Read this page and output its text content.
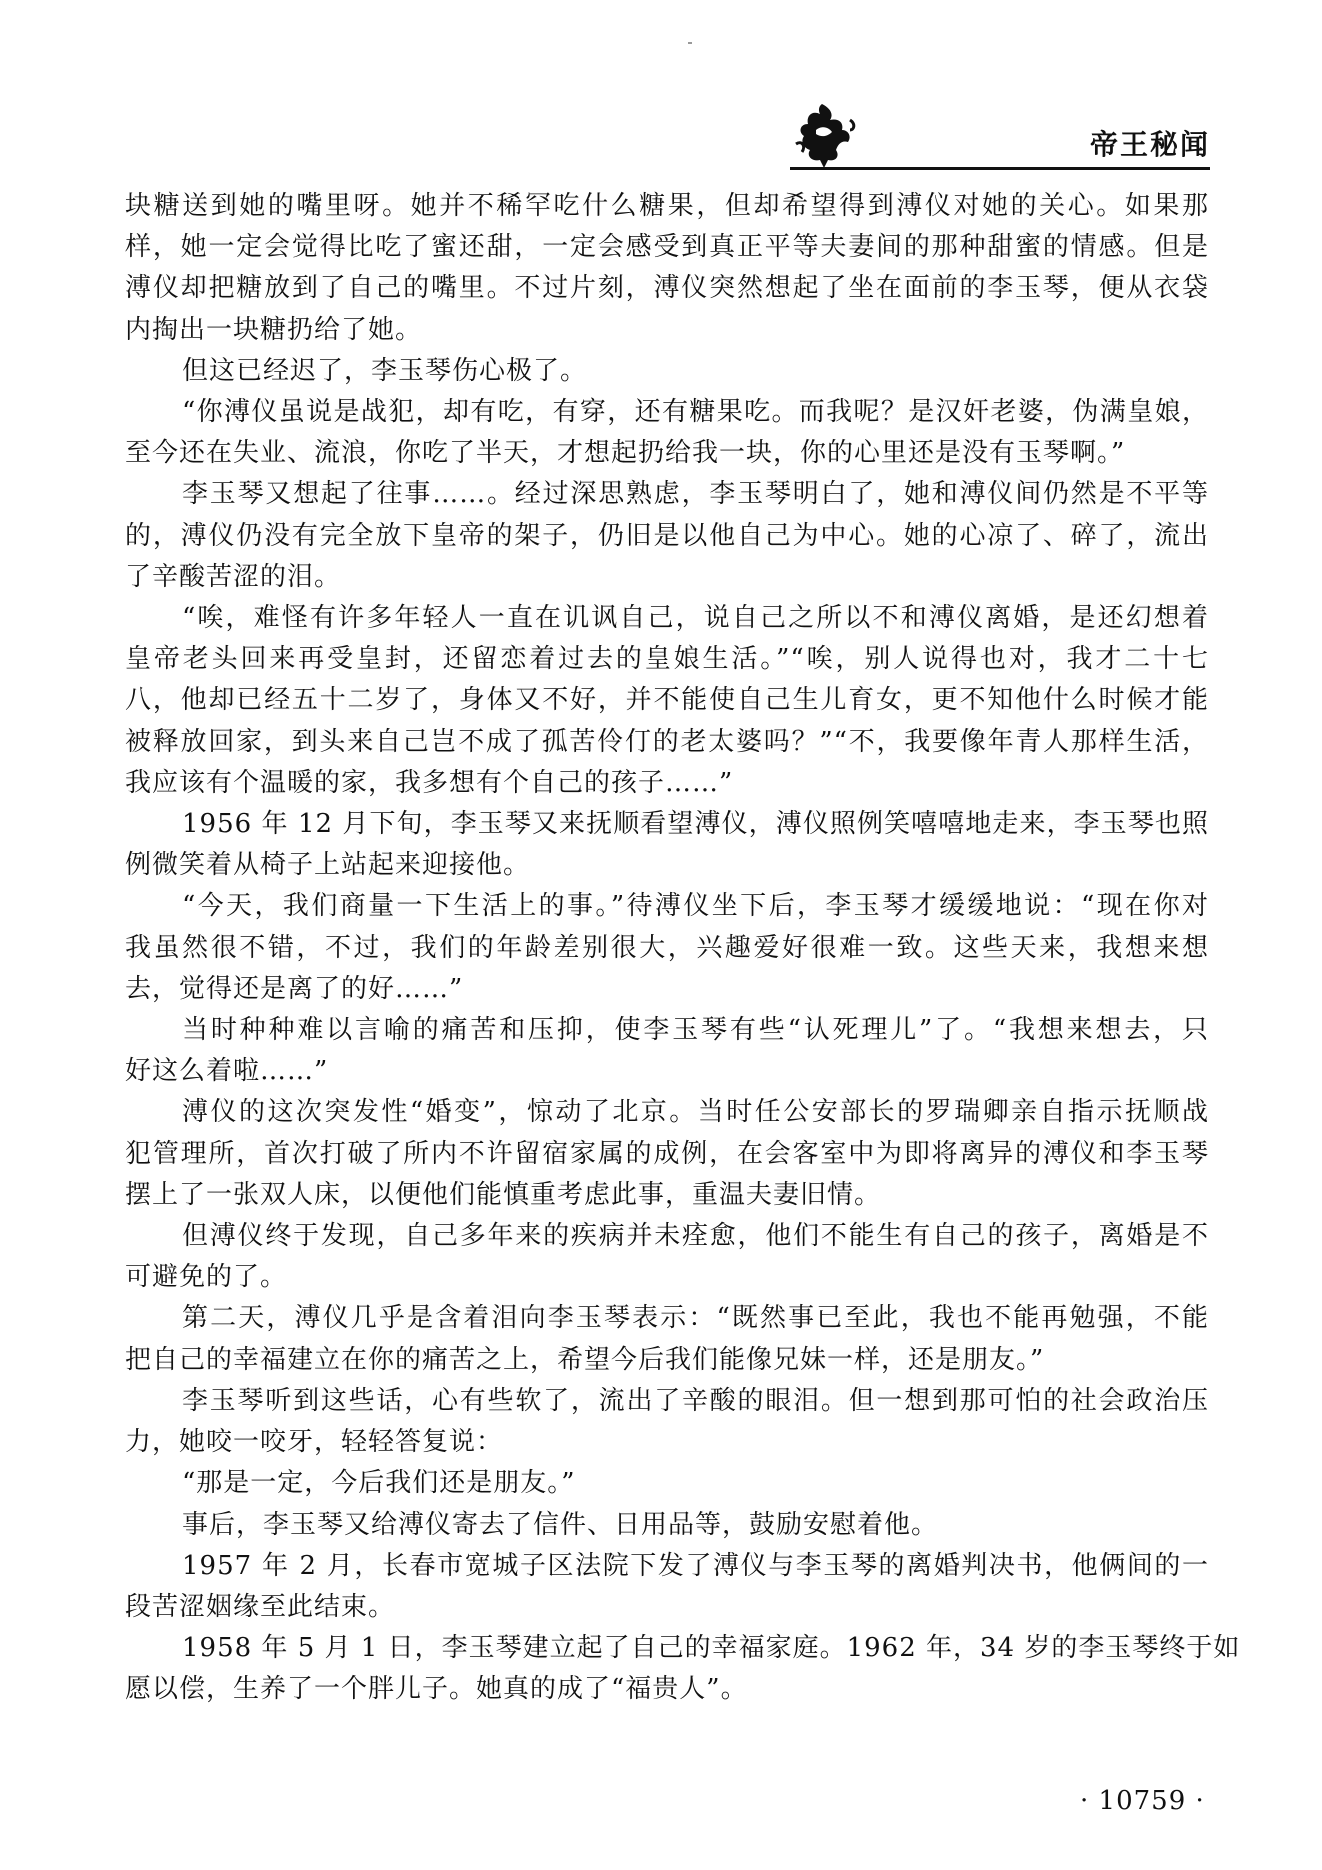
帝王秘闻
块糖送到她的嘴里呀。她并不稀罕吃什么糖果，但却希望得到溥仪对她的关心。如果那
样，她一定会觉得比吃了蜜还甜，一定会感受到真正平等夫妻间的那种甜蜜的情感。但是
溥仪却把糖放到了自己的嘴里。不过片刻，溥仪突然想起了坐在面前的李玉琴，便从衣袋
内掏出一块糖扔给了她。
但这已经迟了，李玉琴伤心极了。
“你溥仪虽说是战犯，却有吃，有穿，还有糖果吃。而我呢？是汉奸老婆，伪满皇娘，
至今还在失业、流浪，你吃了半天，才想起扔给我一块，你的心里还是没有玉琴啊。”
李玉琴又想起了往事……。经过深思熟虑，李玉琴明白了，她和溥仪间仍然是不平等
的，溥仪仍没有完全放下皇帝的架子，仍旧是以他自己为中心。她的心凉了、碎了，流出
了辛酸苦涩的泪。
“唉，难怪有许多年轻人一直在讥讽自己，说自己之所以不和溥仪离婚，是还幻想着
皇帝老头回来再受皇封，还留恋着过去的皇娘生活。”“唉，别人说得也对，我才二十七
八，他却已经五十二岁了，身体又不好，并不能使自己生儿育女，更不知他什么时候才能
被释放回家，到头来自己岂不成了孤苦伶仃的老太婆吗？”“不，我要像年青人那样生活，
我应该有个温暖的家，我多想有个自己的孩子……”
1956 年 12 月下旬，李玉琴又来抚顺看望溥仪，溥仪照例笑嘻嘻地走来，李玉琴也照
例微笑着从椅子上站起来迎接他。
“今天，我们商量一下生活上的事。”待溥仪坐下后，李玉琴才缓缓地说：“现在你对
我虽然很不错，不过，我们的年龄差别很大，兴趣爱好很难一致。这些天来，我想来想
去，觉得还是离了的好……”
当时种种难以言喻的痛苦和压抑，使李玉琴有些“认死理儿”了。“我想来想去，只
好这么着啦……”
溥仪的这次突发性“婚变”，惊动了北京。当时任公安部长的罗瑞卿亲自指示抚顺战
犯管理所，首次打破了所内不许留宿家属的成例，在会客室中为即将离异的溥仪和李玉琴
摆上了一张双人床，以便他们能慎重考虑此事，重温夫妻旧情。
但溥仪终于发现，自己多年来的疾病并未痊愈，他们不能生有自己的孩子，离婚是不
可避免的了。
第二天，溥仪几乎是含着泪向李玉琴表示：“既然事已至此，我也不能再勉强，不能
把自己的幸福建立在你的痛苦之上，希望今后我们能像兄妹一样，还是朋友。”
李玉琴听到这些话，心有些软了，流出了辛酸的眼泪。但一想到那可怕的社会政治压
力，她咬一咬牙，轻轻答复说：
“那是一定，今后我们还是朋友。”
事后，李玉琴又给溥仪寄去了信件、日用品等，鼓励安慰着他。
1957 年 2 月，长春市宽城子区法院下发了溥仪与李玉琴的离婚判决书，他俩间的一
段苦涩姻缘至此结束。
1958 年 5 月 1 日，李玉琴建立起了自己的幸福家庭。1962 年，34 岁的李玉琴终于如
愿以偿，生养了一个胖儿子。她真的成了“福贵人”。
· 10759 ·
